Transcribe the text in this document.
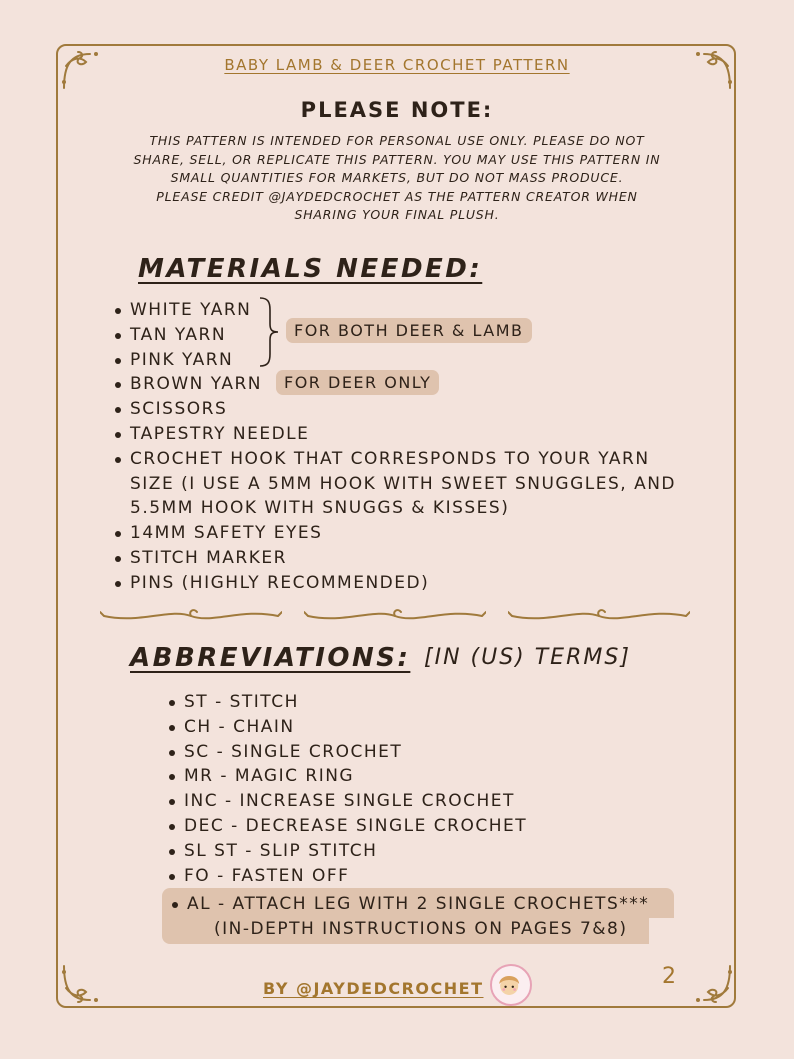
BABY LAMB & DEER CROCHET PATTERN
PLEASE NOTE:
THIS PATTERN IS INTENDED FOR PERSONAL USE ONLY. PLEASE DO NOT
SHARE, SELL, OR REPLICATE THIS PATTERN. YOU MAY USE THIS PATTERN IN
SMALL QUANTITIES FOR MARKETS, BUT DO NOT MASS PRODUCE.
PLEASE CREDIT @JAYDEDCROCHET AS THE PATTERN CREATOR WHEN
SHARING YOUR FINAL PLUSH.
MATERIALS NEEDED:
WHITE YARN
TAN YARN
PINK YARN
BROWN YARN
SCISSORS
TAPESTRY NEEDLE
CROCHET HOOK THAT CORRESPONDS TO YOUR YARN
SIZE (I USE A 5MM HOOK WITH SWEET SNUGGLES, AND
5.5MM HOOK WITH SNUGGS & KISSES)
14MM SAFETY EYES
STITCH MARKER
PINS (HIGHLY RECOMMENDED)
FOR BOTH DEER & LAMB
FOR DEER ONLY
ABBREVIATIONS: [IN (US) TERMS]
ST - STITCH
CH - CHAIN
SC - SINGLE CROCHET
MR - MAGIC RING
INC - INCREASE SINGLE CROCHET
DEC - DECREASE SINGLE CROCHET
SL ST - SLIP STITCH
FO - FASTEN OFF
AL - ATTACH LEG WITH 2 SINGLE CROCHETS***
(IN-DEPTH INSTRUCTIONS ON PAGES 7&8)
BY @JAYDEDCROCHET	2
